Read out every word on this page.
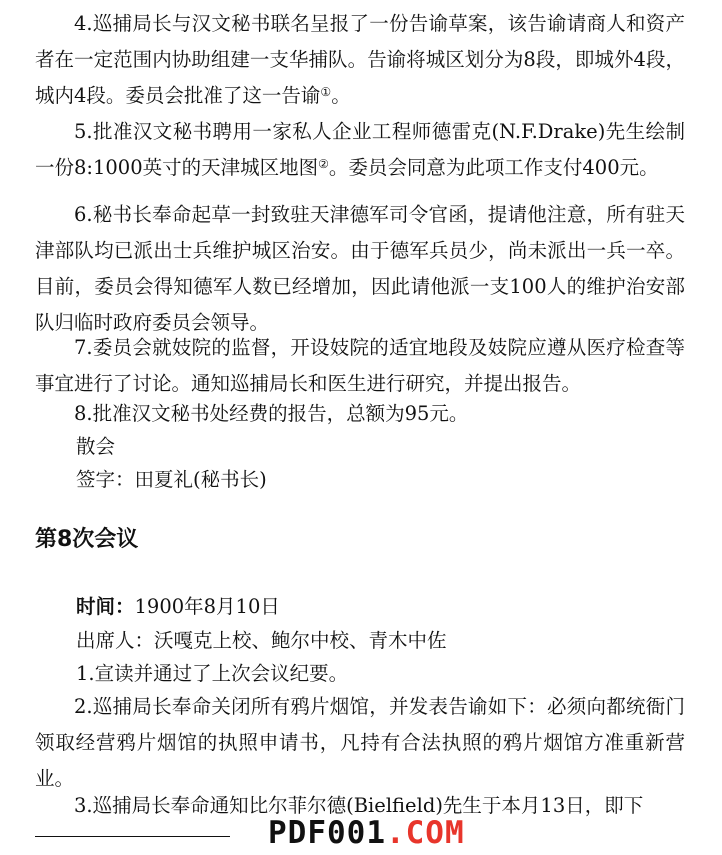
4.巡捕局长与汉文秘书联名呈报了一份告谕草案，该告谕请商人和资产者在一定范围内协助组建一支华捕队。告谕将城区划分为8段，即城外4段，城内4段。委员会批准了这一告谕①。

5.批准汉文秘书聘用一家私人企业工程师德雷克(N.F.Drake)先生绘制一份8:1000英寸的天津城区地图②。委员会同意为此项工作支付400元。

6.秘书长奉命起草一封致驻天津德军司令官函，提请他注意，所有驻天津部队均已派出士兵维护城区治安。由于德军兵员少，尚未派出一兵一卒。目前，委员会得知德军人数已经增加，因此请他派一支100人的维护治安部队归临时政府委员会领导。

7.委员会就妓院的监督，开设妓院的适宜地段及妓院应遵从医疗检查等事宜进行了讨论。通知巡捕局长和医生进行研究，并提出报告。

8.批准汉文秘书处经费的报告，总额为95元。

散会

签字：田夏礼(秘书长)

第8次会议

时间：1900年8月10日

出席人：沃嘎克上校、鲍尔中校、青木中佐

1.宣读并通过了上次会议纪要。

2.巡捕局长奉命关闭所有鸦片烟馆，并发表告谕如下：必须向都统衙门领取经营鸦片烟馆的执照申请书，凡持有合法执照的鸦片烟馆方准重新营业。

3.巡捕局长奉命通知比尔菲尔德(Bielfield)先生于本月13日，即下

PDF001.COM
